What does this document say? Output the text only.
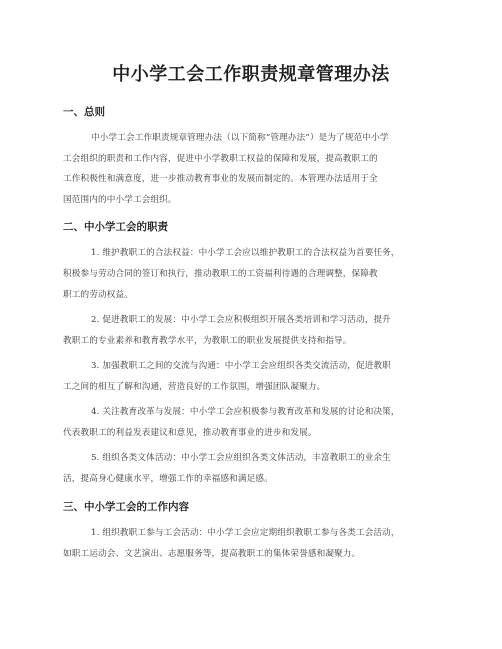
中小学工会工作职责规章管理办法
一、总则
中小学工会工作职责规章管理办法（以下简称“管理办法”）是为了规范中小学
工会组织的职责和工作内容，促进中小学教职工权益的保障和发展，提高教职工的
工作积极性和满意度，进一步推动教育事业的发展而制定的。本管理办法适用于全
国范围内的中小学工会组织。
二、中小学工会的职责
1. 维护教职工的合法权益：中小学工会应以维护教职工的合法权益为首要任务，
积极参与劳动合同的签订和执行，推动教职工的工资福利待遇的合理调整，保障教
职工的劳动权益。
2. 促进教职工的发展：中小学工会应积极组织开展各类培训和学习活动，提升
教职工的专业素养和教育教学水平，为教职工的职业发展提供支持和指导。
3. 加强教职工之间的交流与沟通：中小学工会应组织各类交流活动，促进教职
工之间的相互了解和沟通，营造良好的工作氛围，增强团队凝聚力。
4. 关注教育改革与发展：中小学工会应积极参与教育改革和发展的讨论和决策，
代表教职工的利益发表建议和意见，推动教育事业的进步和发展。
5. 组织各类文体活动：中小学工会应组织各类文体活动，丰富教职工的业余生
活，提高身心健康水平，增强工作的幸福感和满足感。
三、中小学工会的工作内容
1. 组织教职工参与工会活动：中小学工会应定期组织教职工参与各类工会活动，
如职工运动会、文艺演出、志愿服务等，提高教职工的集体荣誉感和凝聚力。
